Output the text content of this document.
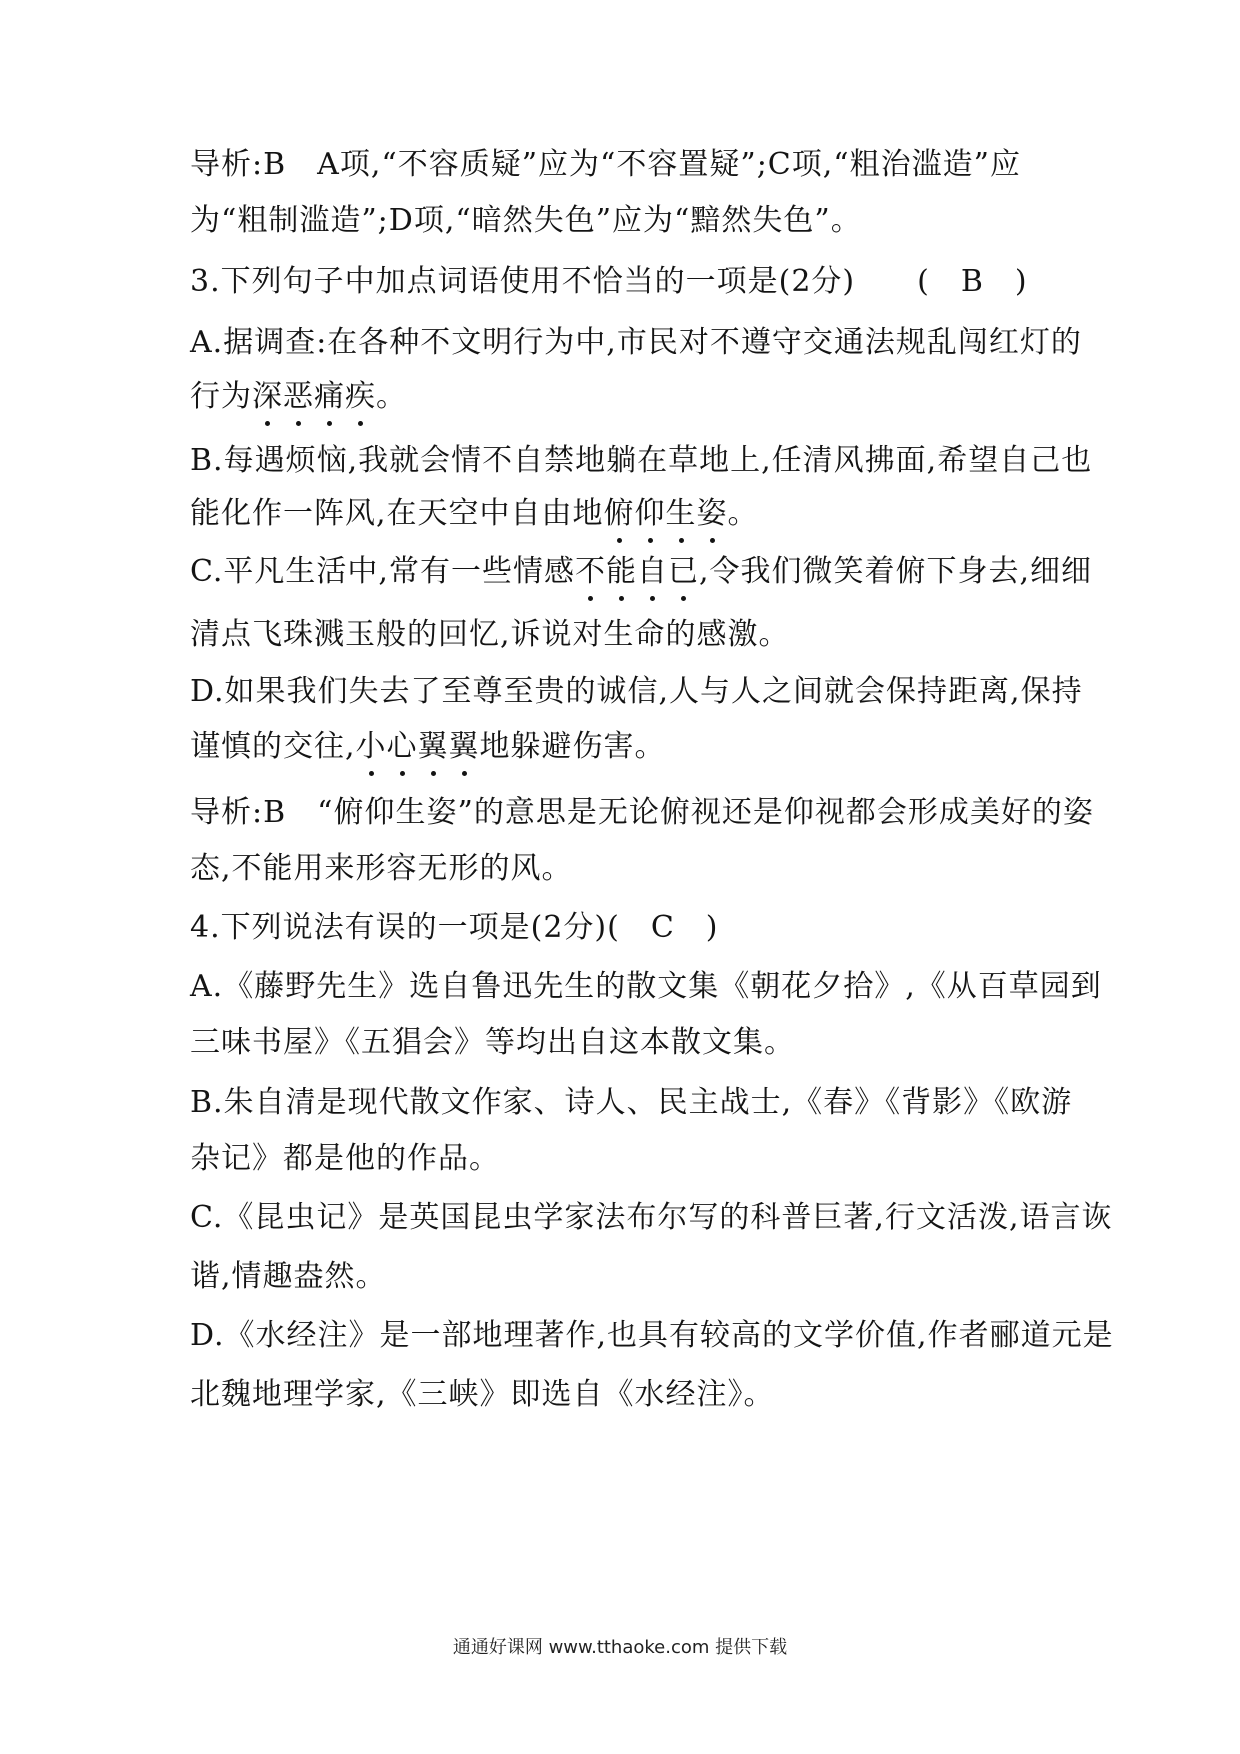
导析:B　A项,“不容质疑”应为“不容置疑”;C项,“粗治滥造”应
为“粗制滥造”;D项,“暗然失色”应为“黯然失色”。
3.下列句子中加点词语使用不恰当的一项是(2分)　　(　B　)
A.据调查:在各种不文明行为中,市民对不遵守交通法规乱闯红灯的
行为深恶痛疾。
B.每遇烦恼,我就会情不自禁地躺在草地上,任清风拂面,希望自己也
能化作一阵风,在天空中自由地俯仰生姿。
C.平凡生活中,常有一些情感不能自已,令我们微笑着俯下身去,细细
清点飞珠溅玉般的回忆,诉说对生命的感激。
D.如果我们失去了至尊至贵的诚信,人与人之间就会保持距离,保持
谨慎的交往,小心翼翼地躲避伤害。
导析:B　“俯仰生姿”的意思是无论俯视还是仰视都会形成美好的姿
态,不能用来形容无形的风。
4.下列说法有误的一项是(2分)(　C　)
A.《藤野先生》选自鲁迅先生的散文集《朝花夕拾》,《从百草园到
三味书屋》《五猖会》等均出自这本散文集。
B.朱自清是现代散文作家、诗人、民主战士,《春》《背影》《欧游
杂记》都是他的作品。
C.《昆虫记》是英国昆虫学家法布尔写的科普巨著,行文活泼,语言诙
谐,情趣盎然。
D.《水经注》是一部地理著作,也具有较高的文学价值,作者郦道元是
北魏地理学家,《三峡》即选自《水经注》。
通通好课网 www.tthaoke.com 提供下载
